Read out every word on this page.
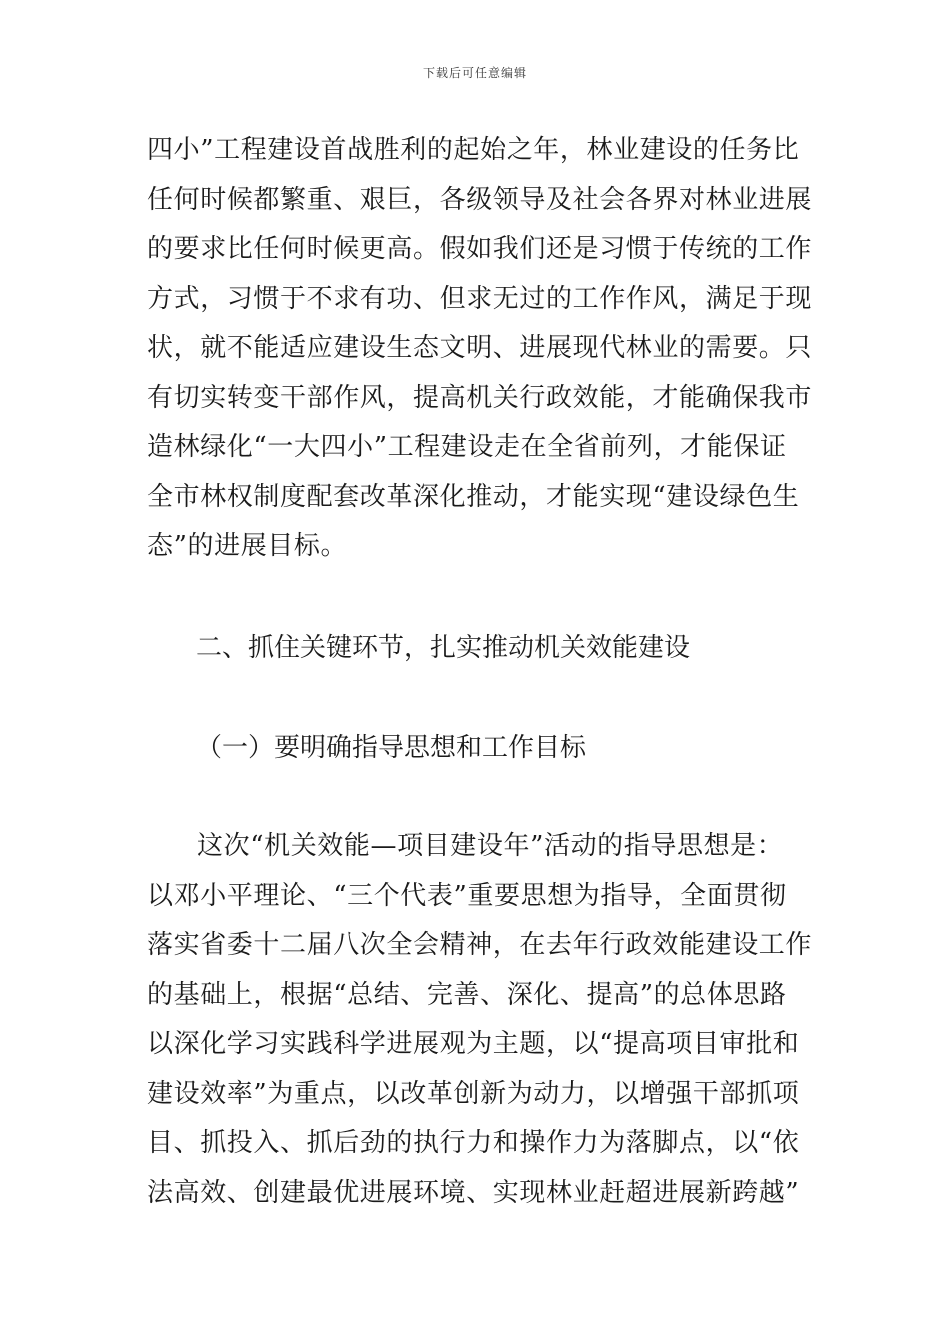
下载后可任意编辑
四小”工程建设首战胜利的起始之年，林业建设的任务比
任何时候都繁重、艰巨，各级领导及社会各界对林业进展
的要求比任何时候更高。假如我们还是习惯于传统的工作
方式，习惯于不求有功、但求无过的工作作风，满足于现
状，就不能适应建设生态文明、进展现代林业的需要。只
有切实转变干部作风，提高机关行政效能，才能确保我市
造林绿化“一大四小”工程建设走在全省前列，才能保证
全市林权制度配套改革深化推动，才能实现“建设绿色生
态”的进展目标。
二、抓住关键环节，扎实推动机关效能建设
（一）要明确指导思想和工作目标
这次“机关效能—项目建设年”活动的指导思想是：
以邓小平理论、“三个代表”重要思想为指导，全面贯彻
落实省委十二届八次全会精神，在去年行政效能建设工作
的基础上，根据“总结、完善、深化、提高”的总体思路
以深化学习实践科学进展观为主题，以“提高项目审批和
建设效率”为重点，以改革创新为动力，以增强干部抓项
目、抓投入、抓后劲的执行力和操作力为落脚点，以“依
法高效、创建最优进展环境、实现林业赶超进展新跨越”
